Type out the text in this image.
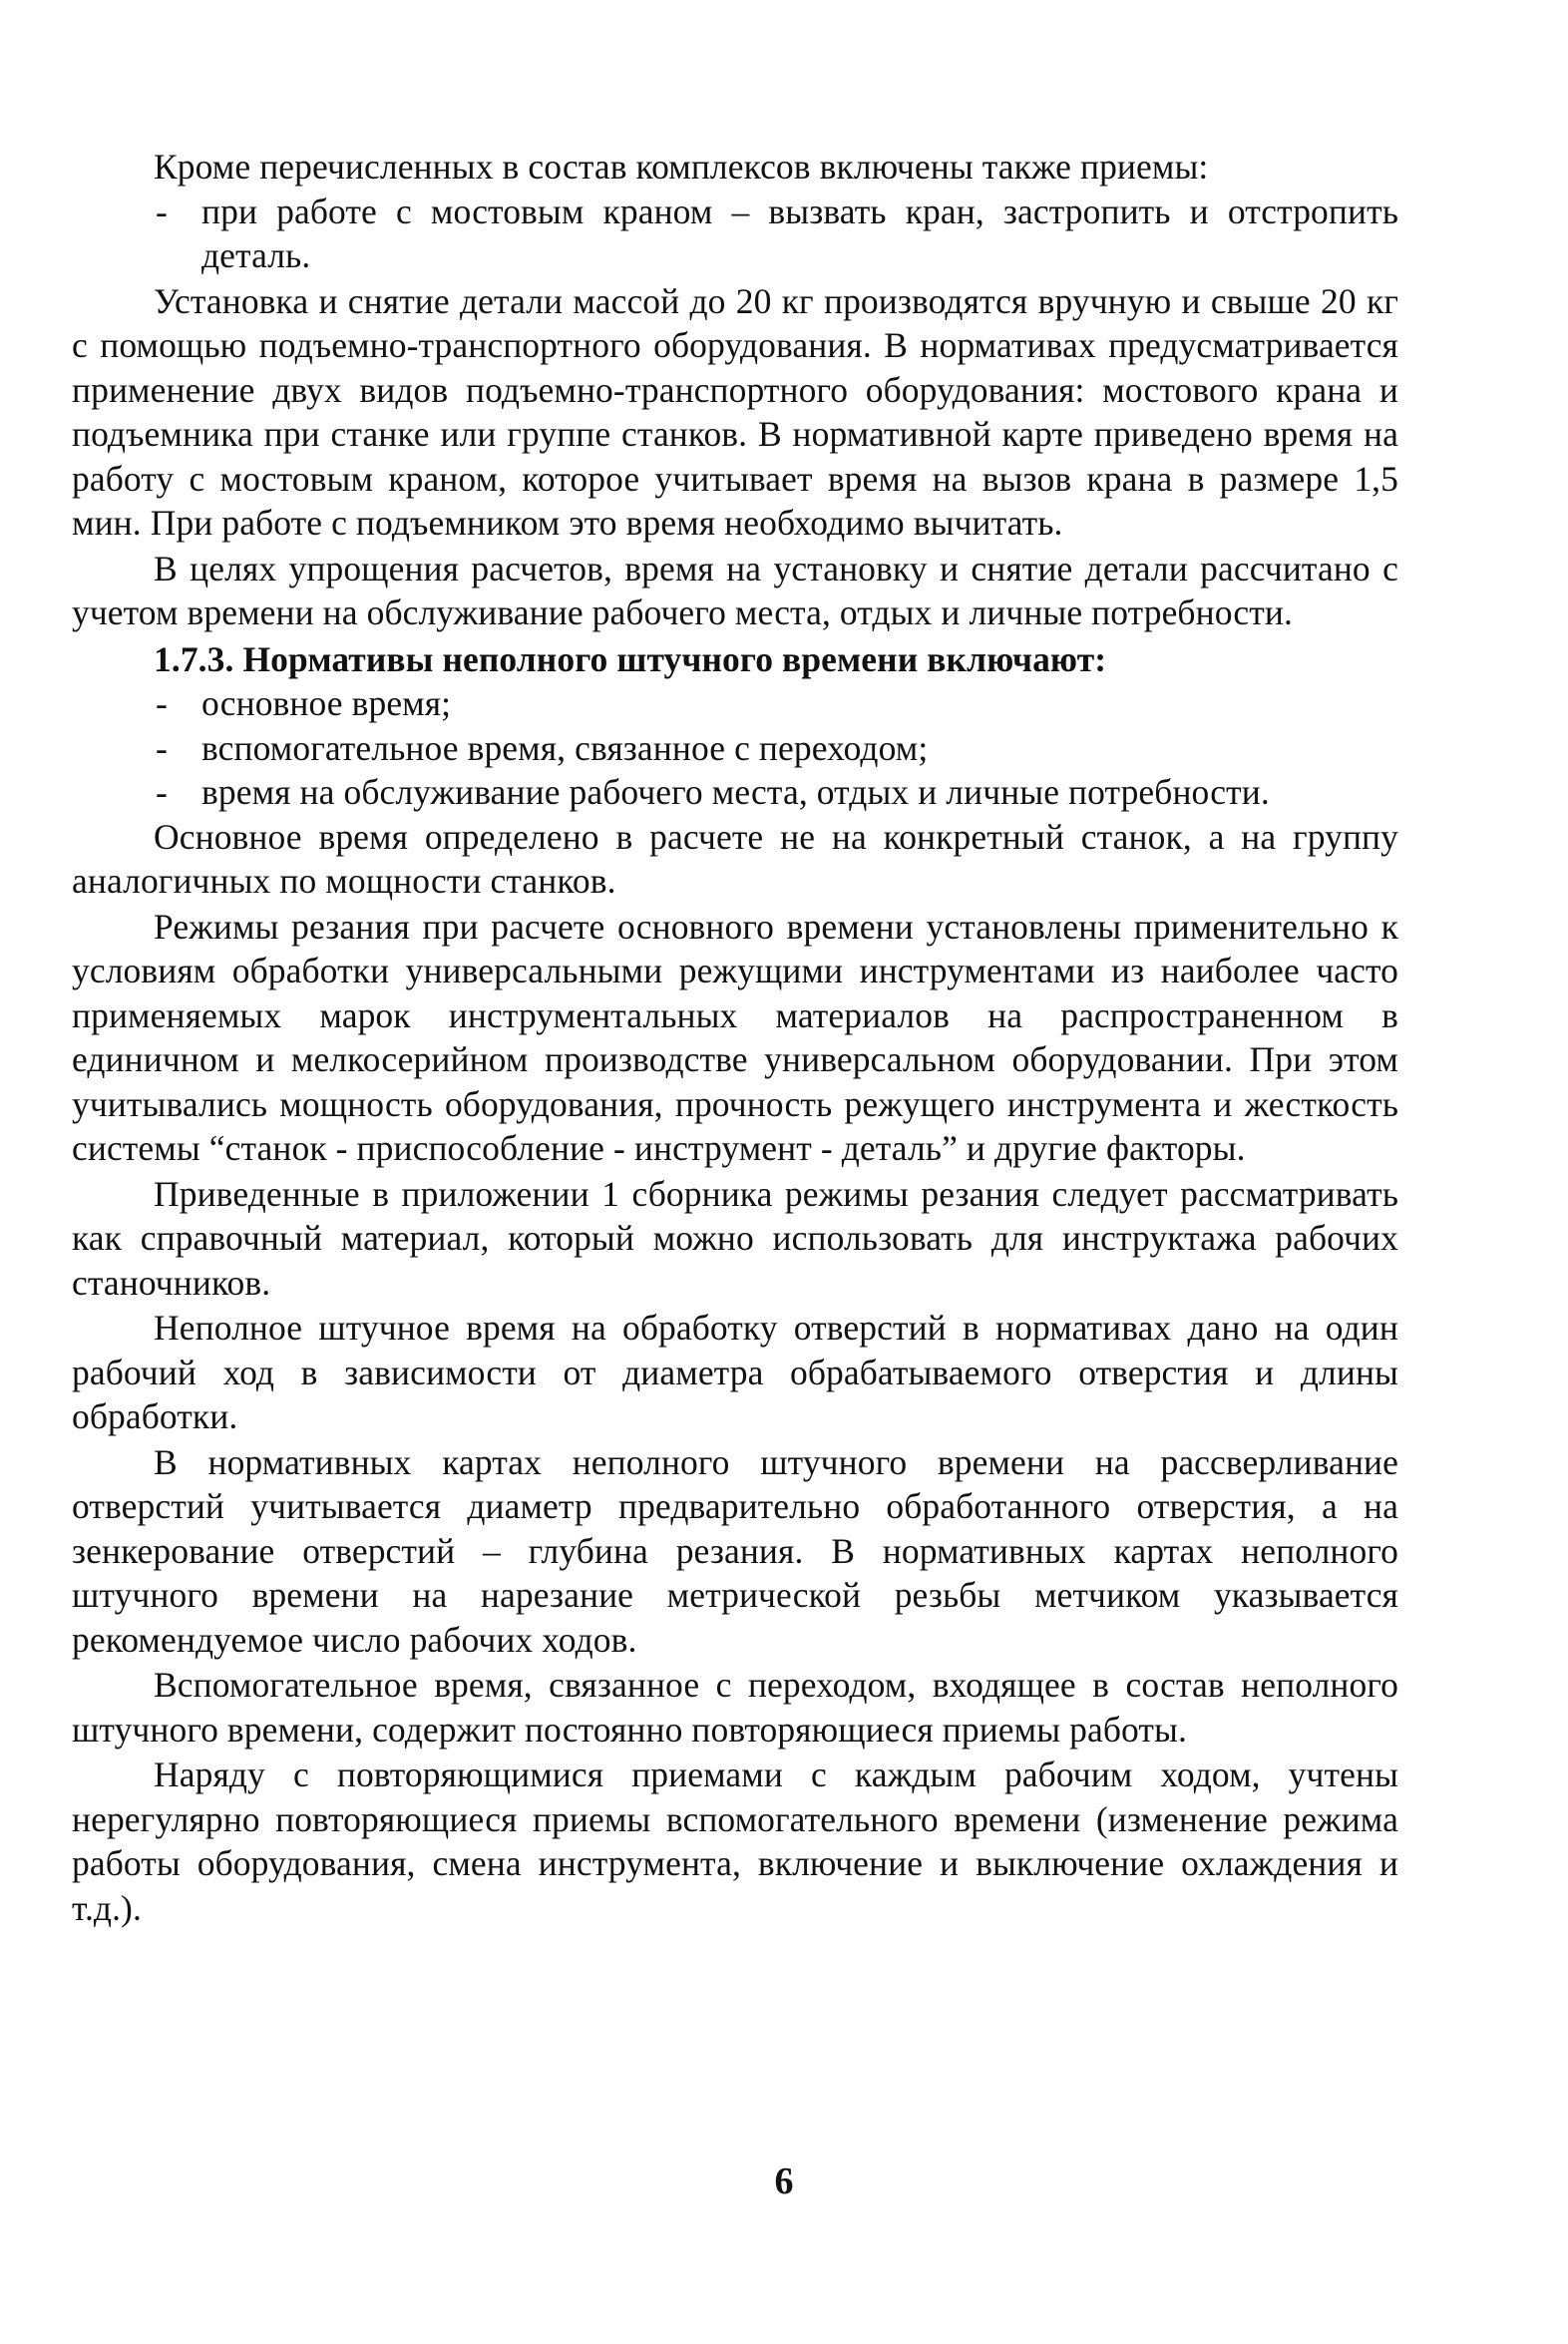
Кроме перечисленных в состав комплексов включены также приемы:

- при работе с мостовым краном – вызвать кран, застропить и отстропить деталь.

Установка и снятие детали массой до 20 кг производятся вручную и свыше 20 кг с помощью подъемно-транспортного оборудования. В нормативах предусматривается применение двух видов подъемно-транспортного оборудования: мостового крана и подъемника при станке или группе станков. В нормативной карте приведено время на работу с мостовым краном, которое учитывает время на вызов крана в размере 1,5 мин. При работе с подъемником это время необходимо вычитать.

В целях упрощения расчетов, время на установку и снятие детали рассчитано с учетом времени на обслуживание рабочего места, отдых и личные потребности.

1.7.3. Нормативы неполного штучного времени включают:

- основное время;
- вспомогательное время, связанное с переходом;
- время на обслуживание рабочего места, отдых и личные потребности.

Основное время определено в расчете не на конкретный станок, а на группу аналогичных по мощности станков.

Режимы резания при расчете основного времени установлены применительно к условиям обработки универсальными режущими инструментами из наиболее часто применяемых марок инструментальных материалов на распространенном в единичном и мелкосерийном производстве универсальном оборудовании. При этом учитывались мощность оборудования, прочность режущего инструмента и жесткость системы “станок - приспособление - инструмент - деталь” и другие факторы.

Приведенные в приложении 1 сборника режимы резания следует рассматривать как справочный материал, который можно использовать для инструктажа рабочих станочников.

Неполное штучное время на обработку отверстий в нормативах дано на один рабочий ход в зависимости от диаметра обрабатываемого отверстия и длины обработки.

В нормативных картах неполного штучного времени на рассверливание отверстий учитывается диаметр предварительно обработанного отверстия, а на зенкерование отверстий – глубина резания. В нормативных картах неполного штучного времени на нарезание метрической резьбы метчиком указывается рекомендуемое число рабочих ходов.

Вспомогательное время, связанное с переходом, входящее в состав неполного штучного времени, содержит постоянно повторяющиеся приемы работы.

Наряду с повторяющимися приемами с каждым рабочим ходом, учтены нерегулярно повторяющиеся приемы вспомогательного времени (изменение режима работы оборудования, смена инструмента, включение и выключение охлаждения и т.д.).

6
